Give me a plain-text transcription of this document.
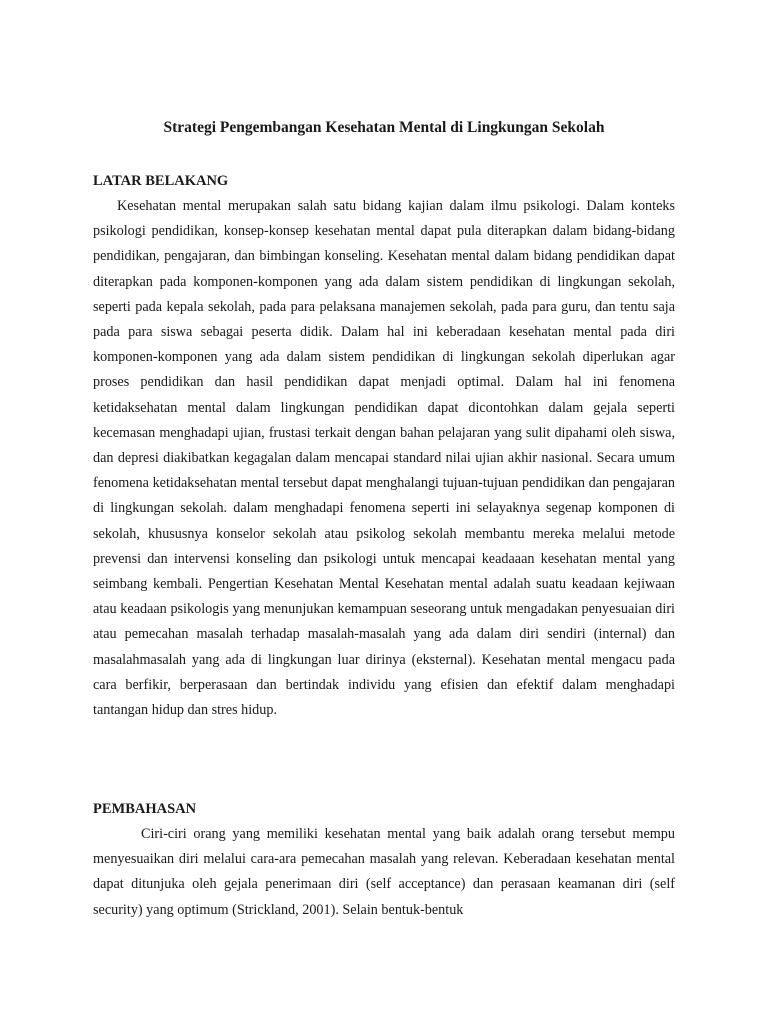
Strategi Pengembangan Kesehatan Mental di Lingkungan Sekolah
LATAR BELAKANG

Kesehatan mental merupakan salah satu bidang kajian dalam ilmu psikologi. Dalam konteks psikologi pendidikan, konsep-konsep kesehatan mental dapat pula diterapkan dalam bidang-bidang pendidikan, pengajaran, dan bimbingan konseling. Kesehatan mental dalam bidang pendidikan dapat diterapkan pada komponen-komponen yang ada dalam sistem pendidikan di lingkungan sekolah, seperti pada kepala sekolah, pada para pelaksana manajemen sekolah, pada para guru, dan tentu saja pada para siswa sebagai peserta didik. Dalam hal ini keberadaan kesehatan mental pada diri komponen-komponen yang ada dalam sistem pendidikan di lingkungan sekolah diperlukan agar proses pendidikan dan hasil pendidikan dapat menjadi optimal. Dalam hal ini fenomena ketidaksehatan mental dalam lingkungan pendidikan dapat dicontohkan dalam gejala seperti kecemasan menghadapi ujian, frustasi terkait dengan bahan pelajaran yang sulit dipahami oleh siswa, dan depresi diakibatkan kegagalan dalam mencapai standard nilai ujian akhir nasional. Secara umum fenomena ketidaksehatan mental tersebut dapat menghalangi tujuan-tujuan pendidikan dan pengajaran di lingkungan sekolah. dalam menghadapi fenomena seperti ini selayaknya segenap komponen di sekolah, khususnya konselor sekolah atau psikolog sekolah membantu mereka melalui metode prevensi dan intervensi konseling dan psikologi untuk mencapai keadaaan kesehatan mental yang seimbang kembali. Pengertian Kesehatan Mental Kesehatan mental adalah suatu keadaan kejiwaan atau keadaan psikologis yang menunjukan kemampuan seseorang untuk mengadakan penyesuaian diri atau pemecahan masalah terhadap masalah-masalah yang ada dalam diri sendiri (internal) dan masalahmasalah yang ada di lingkungan luar dirinya (eksternal). Kesehatan mental mengacu pada cara berfikir, berperasaan dan bertindak individu yang efisien dan efektif dalam menghadapi tantangan hidup dan stres hidup.

PEMBAHASAN

Ciri-ciri orang yang memiliki kesehatan mental yang baik adalah orang tersebut mempu menyesuaikan diri melalui cara-ara pemecahan masalah yang relevan. Keberadaan kesehatan mental dapat ditunjuka oleh gejala penerimaan diri (self acceptance) dan perasaan keamanan diri (self security) yang optimum (Strickland, 2001). Selain bentuk-bentuk
